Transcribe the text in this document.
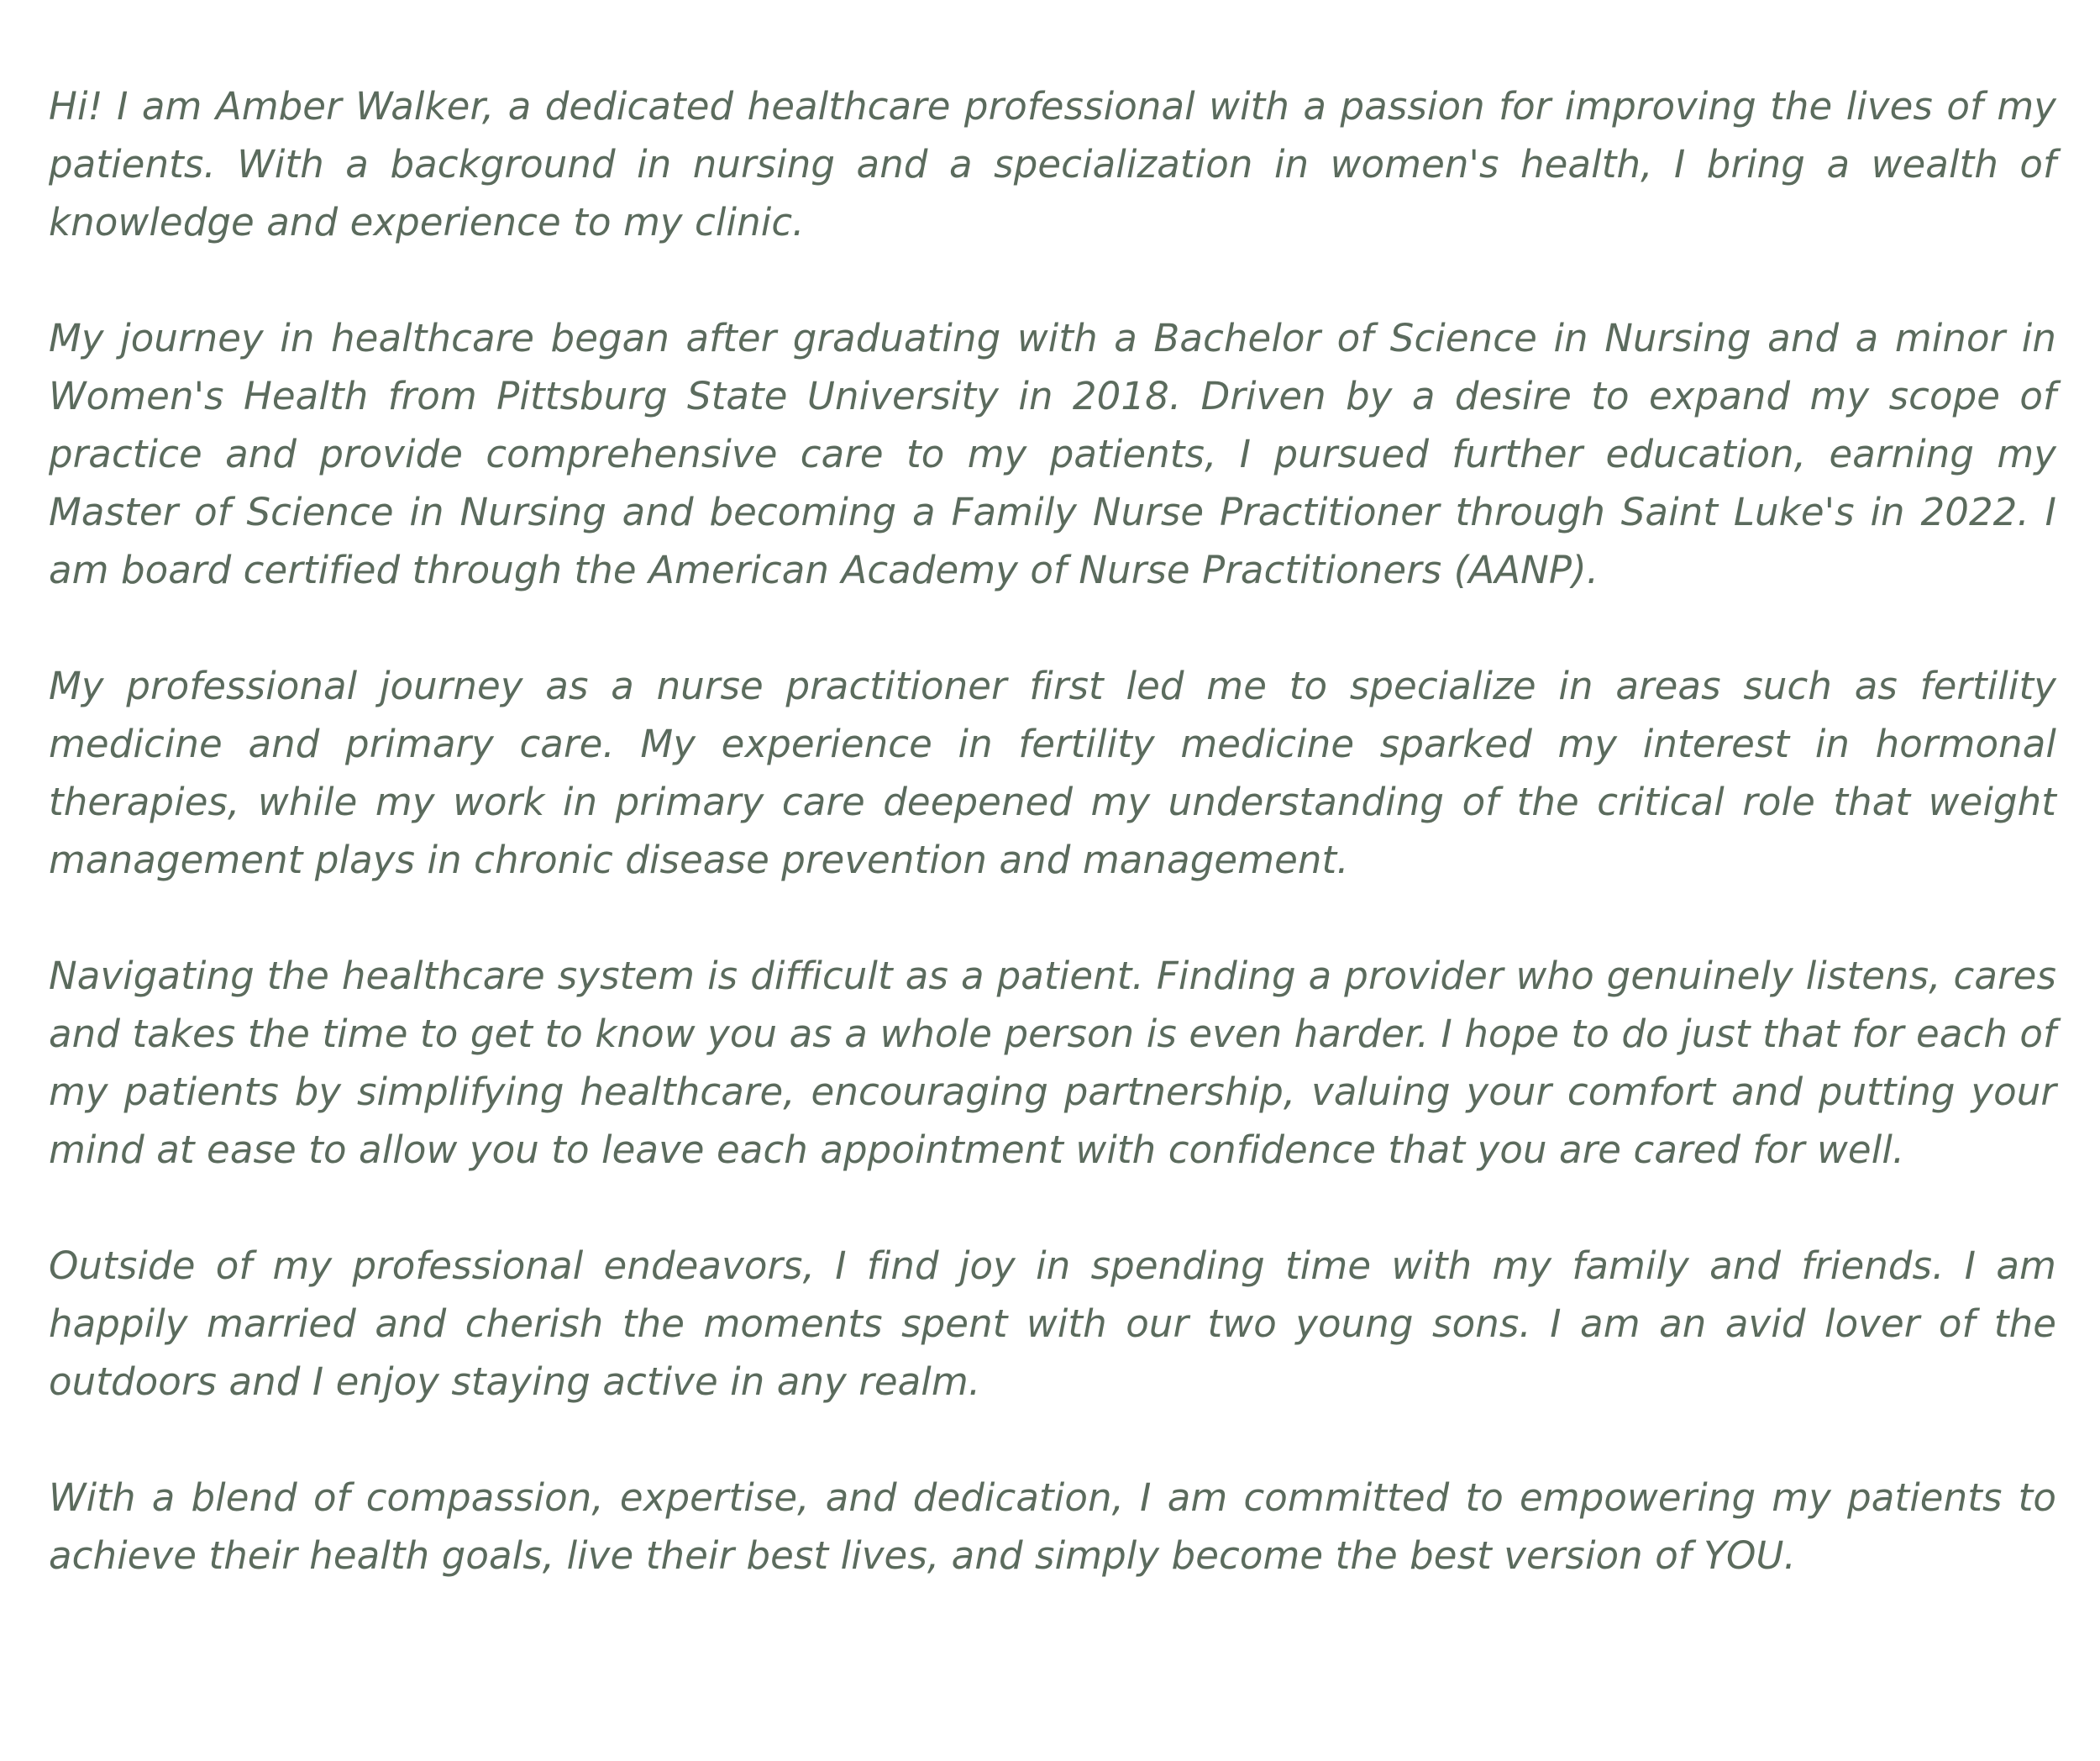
Hi! I am Amber Walker, a dedicated healthcare professional with a passion for improving the lives of my patients. With a background in nursing and a specialization in women's health, I bring a wealth of knowledge and experience to my clinic.

My journey in healthcare began after graduating with a Bachelor of Science in Nursing and a minor in Women's Health from Pittsburg State University in 2018. Driven by a desire to expand my scope of practice and provide comprehensive care to my patients, I pursued further education, earning my Master of Science in Nursing and becoming a Family Nurse Practitioner through Saint Luke's in 2022. I am board certified through the American Academy of Nurse Practitioners (AANP).

My professional journey as a nurse practitioner first led me to specialize in areas such as fertility medicine and primary care. My experience in fertility medicine sparked my interest in hormonal therapies, while my work in primary care deepened my understanding of the critical role that weight management plays in chronic disease prevention and management.

Navigating the healthcare system is difficult as a patient. Finding a provider who genuinely listens, cares and takes the time to get to know you as a whole person is even harder. I hope to do just that for each of my patients by simplifying healthcare, encouraging partnership, valuing your comfort and putting your mind at ease to allow you to leave each appointment with confidence that you are cared for well.

Outside of my professional endeavors, I find joy in spending time with my family and friends. I am happily married and cherish the moments spent with our two young sons. I am an avid lover of the outdoors and I enjoy staying active in any realm.

With a blend of compassion, expertise, and dedication, I am committed to empowering my patients to achieve their health goals, live their best lives, and simply become the best version of YOU.
